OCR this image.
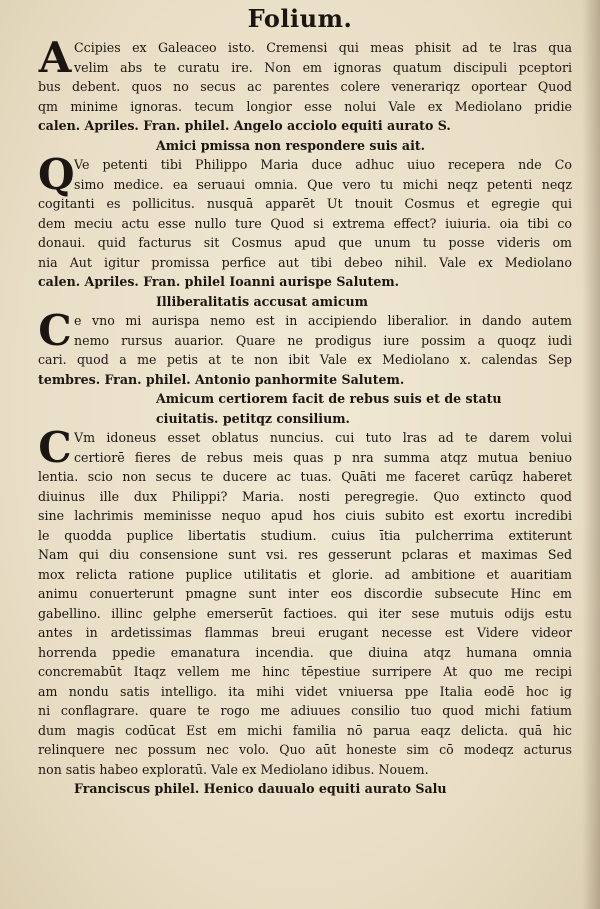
Folium.
A Ccipies ex Galeaceo isto. Cremensi qui meas phisit ad te lras qua
velim abs te curatu ire. Non em ignoras quatum discipuli pceptori
bus debent. quos no secus ac parentes colere venerariqz oportear Quod
qm minime ignoras. tecum longior esse nolui Vale ex Mediolano pridie
calen. Apriles. Fran. philel. Angelo acciolo equiti aurato S.
Amici pmissa non respondere suis ait.
Q Ve petenti tibi Philippo Maria duce adhuc uiuo recepera nde Co
simo medice. ea seruaui omnia. Que vero tu michi neqz petenti neqz
cogitanti es pollicitus. nusquā apparēt Ut tnouit Cosmus et egregie qui
dem meciu actu esse nullo ture Quod si extrema effect? iuiuria. oia tibi co
donaui. quid facturus sit Cosmus apud que unum tu posse videris om
nia Aut igitur promissa perfice aut tibi debeo nihil. Vale ex Mediolano
calen. Apriles. Fran. philel Ioanni aurispe Salutem.
Illiberalitatis accusat amicum
C e vno mi aurispa nemo est in accipiendo liberalior. in dando autem
nemo rursus auarior. Quare ne prodigus iure possim a quoqz iudi
cari. quod a me petis at te non ibit Vale ex Mediolano x. calendas Sep
tembres. Fran. philel. Antonio panhormite Salutem.
Amicum certiorem facit de rebus suis et de statu
ciuitatis. petitqz consilium.
C Vm idoneus esset oblatus nuncius. cui tuto lras ad te darem volui
certiorē fieres de rebus meis quas p nra summa atqz mutua beniuo
lentia. scio non secus te ducere ac tuas. Quāti me faceret carūqz haberet
diuinus ille dux Philippi? Maria. nosti peregregie. Quo extincto quod
sine lachrimis meminisse nequo apud hos ciuis subito est exortu incredibi
le quodda puplice libertatis studium. cuius ītia pulcherrima extiterunt
Nam qui diu consensione sunt vsi. res gesserunt pclaras et maximas Sed
mox relicta ratione puplice utilitatis et glorie. ad ambitione et auaritiam
animu conuerterunt pmagne sunt inter eos discordie subsecute Hinc em
gabellino. illinc gelphe emerserūt factioes. qui iter sese mutuis odijs estu
antes in ardetissimas flammas breui erugant necesse est Videre videor
horrenda ppedie emanatura incendia. que diuina atqz humana omnia
concremabūt Itaqz vellem me hinc tēpestiue surripere At quo me recipi
am nondu satis intelligo. ita mihi videt vniuersa ppe Italia eodē hoc ig
ni conflagrare. quare te rogo me adiuues consilio tuo quod michi fatium
dum magis codūcat Est em michi familia nō parua eaqz delicta. quā hic
relinquere nec possum nec volo. Quo aūt honeste sim cō modeqz acturus
non satis habeo exploratū. Vale ex Mediolano idibus. Nouem.
Franciscus philel. Henico dauualo equiti aurato Salu
